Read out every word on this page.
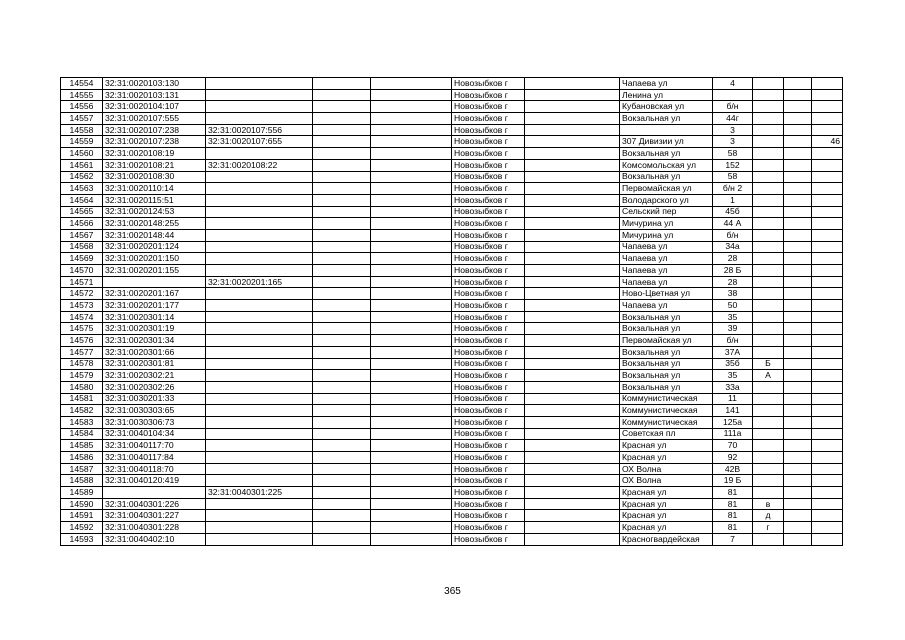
14554	32:31:0020103:130				Новозыбков г		Чапаева ул	4			
14555	32:31:0020103:131				Новозыбков г		Ленина ул				
14556	32:31:0020104:107				Новозыбков г		Кубановская ул	б/н			
14557	32:31:0020107:555				Новозыбков г		Вокзальная ул	44г			
14558	32:31:0020107:238	32:31:0020107:556			Новозыбков г			3			
14559	32:31:0020107:238	32:31:0020107:655			Новозыбков г		307 Дивизии ул	3			46
14560	32:31:0020108:19				Новозыбков г		Вокзальная ул	58			
14561	32:31:0020108:21	32:31:0020108:22			Новозыбков г		Комсомольская ул	152			
14562	32:31:0020108:30				Новозыбков г		Вокзальная ул	58			
14563	32:31:0020110:14				Новозыбков г		Первомайская ул	б/н 2			
14564	32:31:0020115:51				Новозыбков г		Володарского ул	1			
14565	32:31:0020124:53				Новозыбков г		Сельский пер	45б			
14566	32:31:0020148:255				Новозыбков г		Мичурина ул	44 А			
14567	32:31:0020148:44				Новозыбков г		Мичурина ул	б/н			
14568	32:31:0020201:124				Новозыбков г		Чапаева ул	34а			
14569	32:31:0020201:150				Новозыбков г		Чапаева ул	28			
14570	32:31:0020201:155				Новозыбков г		Чапаева ул	28 Б			
14571		32:31:0020201:165			Новозыбков г		Чапаева ул	28			
14572	32:31:0020201:167				Новозыбков г		Ново-Цветная ул	38			
14573	32:31:0020201:177				Новозыбков г		Чапаева ул	50			
14574	32:31:0020301:14				Новозыбков г		Вокзальная ул	35			
14575	32:31:0020301:19				Новозыбков г		Вокзальная ул	39			
14576	32:31:0020301:34				Новозыбков г		Первомайская ул	б/н			
14577	32:31:0020301:66				Новозыбков г		Вокзальная ул	37А			
14578	32:31:0020301:81				Новозыбков г		Вокзальная ул	35б	Б		
14579	32:31:0020302:21				Новозыбков г		Вокзальная ул	35	А		
14580	32:31:0020302:26				Новозыбков г		Вокзальная ул	33а			
14581	32:31:0030201:33				Новозыбков г		Коммунистическая	11			
14582	32:31:0030303:65				Новозыбков г		Коммунистическая	141			
14583	32:31:0030306:73				Новозыбков г		Коммунистическая	125а			
14584	32:31:0040104:34				Новозыбков г		Советская пл	111а			
14585	32:31:0040117:70				Новозыбков г		Красная ул	70			
14586	32:31:0040117:84				Новозыбков г		Красная ул	92			
14587	32:31:0040118:70				Новозыбков г		ОХ Волна	42В			
14588	32:31:0040120:419				Новозыбков г		ОХ Волна	19 Б			
14589		32:31:0040301:225			Новозыбков г		Красная ул	81			
14590	32:31:0040301:226				Новозыбков г		Красная ул	81	в		
14591	32:31:0040301:227				Новозыбков г		Красная ул	81	д		
14592	32:31:0040301:228				Новозыбков г		Красная ул	81	г		
14593	32:31:0040402:10				Новозыбков г		Красногвардейская	7			
365
